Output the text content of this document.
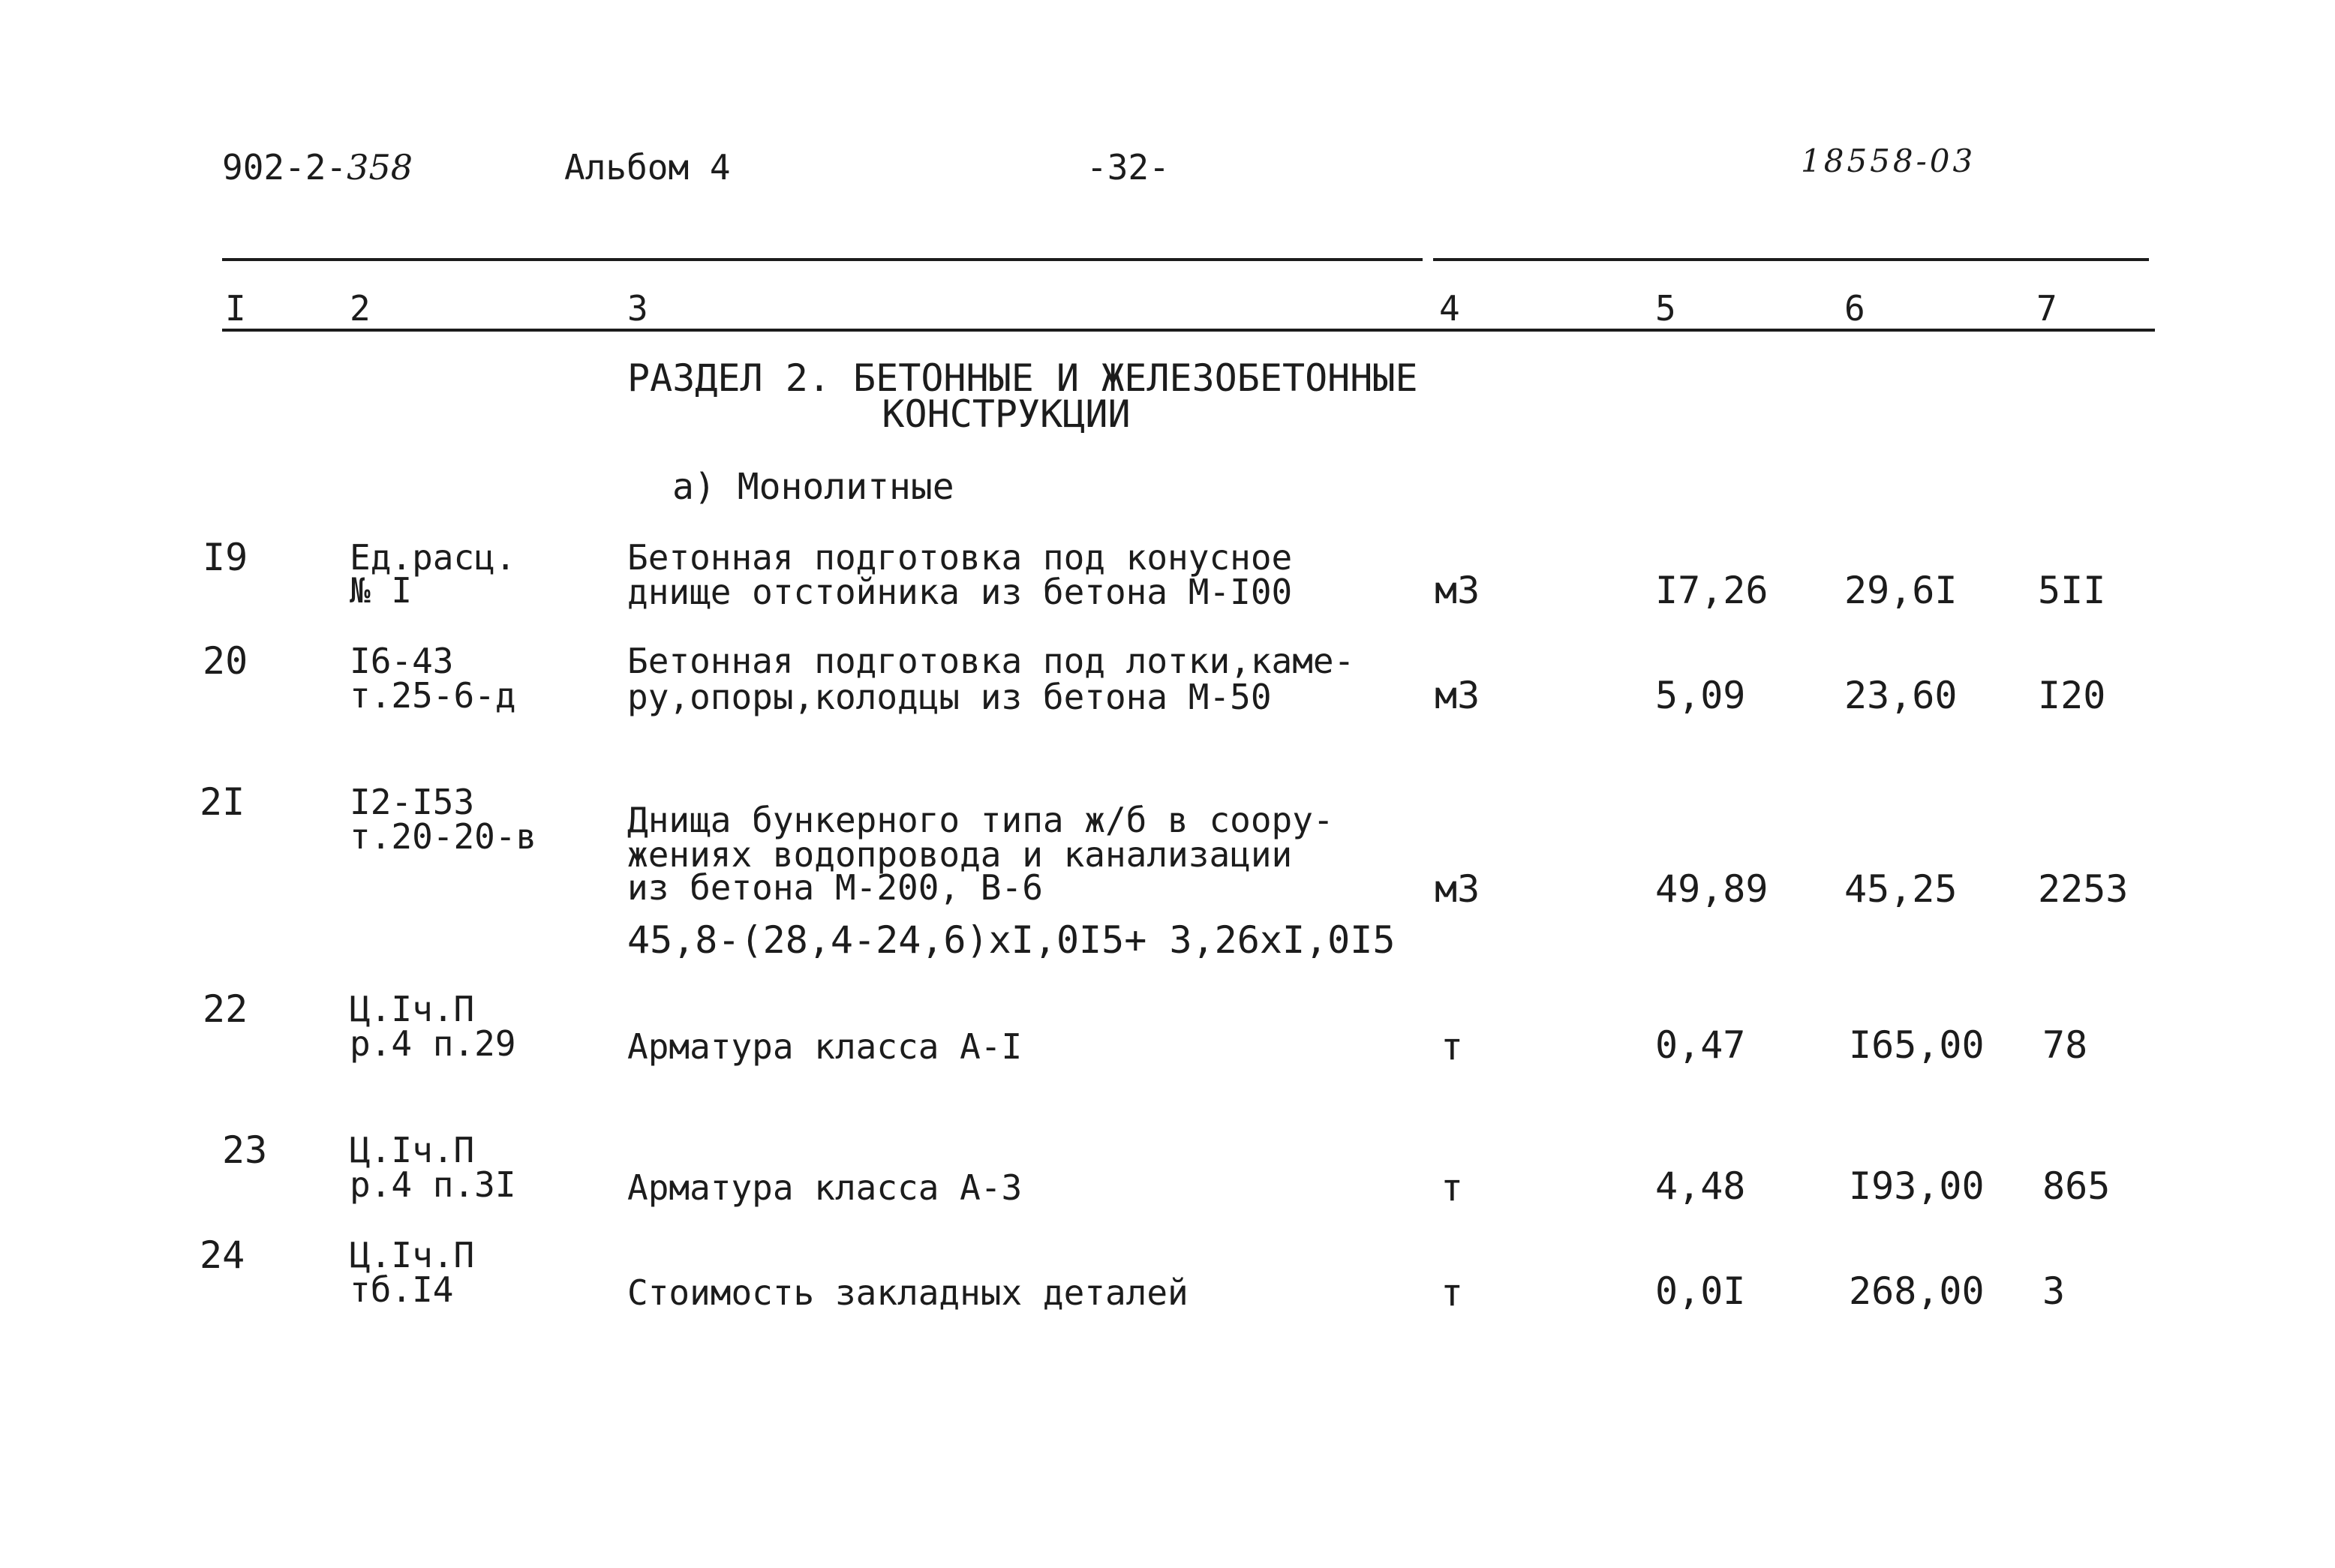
902-2-358	Альбом 4	-32-	18558-03
I	2	3	4	5	6	7
РАЗДЕЛ 2. БЕТОННЫЕ И ЖЕЛЕЗОБЕТОННЫЕ
КОНСТРУКЦИИ
а) Монолитные
I9	Ед.расц.
№ I
Бетонная подготовка под конусное
днище отстойника из бетона М-I00	м3	I7,26 29,6I 5II
20	I6-43
т.25-6-д
Бетонная подготовка под лотки,каме-
ру,опоры,колодцы из бетона М-50	м3	5,09	23,60 I20
2I	I2-I53
т.20-20-в	Днища бункерного типа ж/б в соору-
жениях водопровода и канализации
из бетона М-200, В-6
45,8-(28,4-24,6)хI,0I5+ 3,26хI,0I5
м3	49,89 45,25 2253
22	Ц.Iч.П
р.4 п.29	Арматура класса А-I	т	0,47	I65,00 78
23 Ц.Iч.П
р.4 п.3I	Арматура класса А-3	т	4,48	I93,00 865
24	Ц.Iч.П
тб.I4	Стоимость закладных деталей	т	0,0I	268,00 3
